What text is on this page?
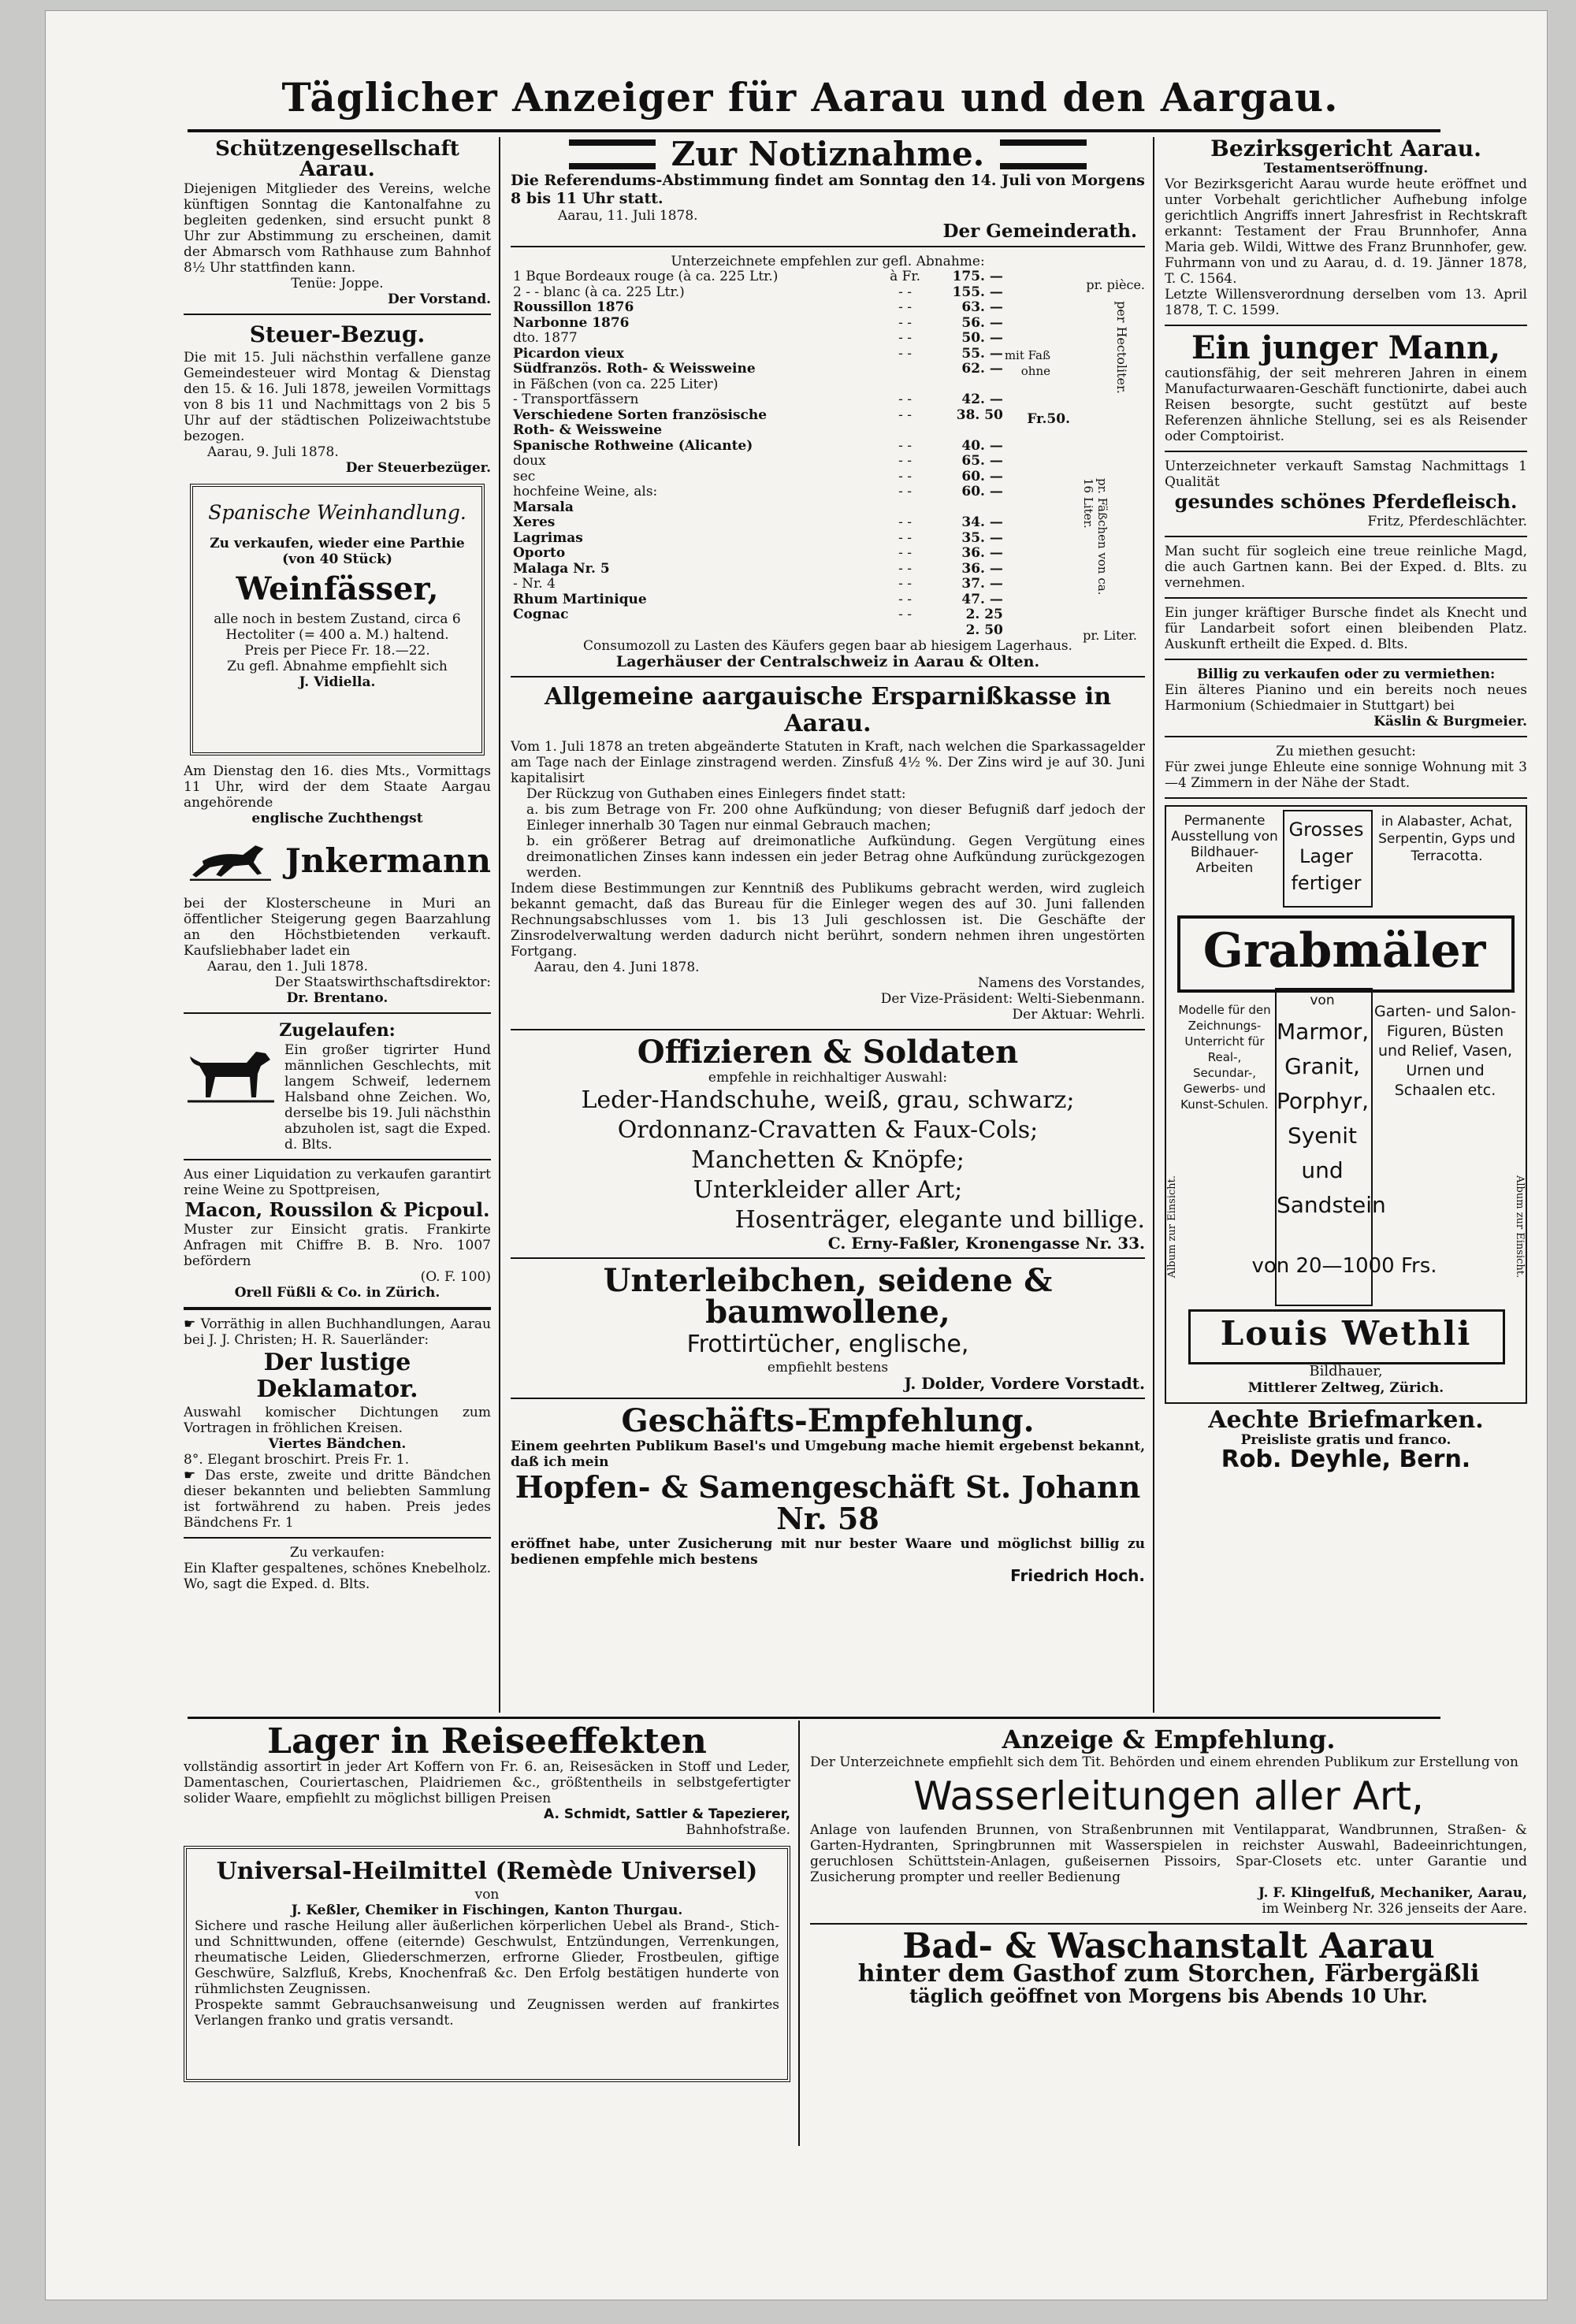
Täglicher Anzeiger für Aarau und den Aargau.
Schützengesellschaft Aarau.

Diejenigen Mitglieder des Vereins, welche künftigen Sonntag die Kantonalfahne zu begleiten gedenken, sind ersucht punkt 8 Uhr zur Abstimmung zu erscheinen, damit der Abmarsch vom Rathhause zum Bahnhof 8½ Uhr stattfinden kann.

Tenüe: Joppe.

Der Vorstand.

Steuer-Bezug.

Die mit 15. Juli nächsthin verfallene ganze Gemeindesteuer wird Montag & Dienstag den 15. & 16. Juli 1878, jeweilen Vormittags von 8 bis 11 und Nachmittags von 2 bis 5 Uhr auf der städtischen Polizeiwachtstube bezogen.

Aarau, 9. Juli 1878.

Der Steuerbezüger.

Spanische Weinhandlung.

Zu verkaufen, wieder eine Parthie (von 40 Stück)

Weinfässer,

alle noch in bestem Zustand, circa 6 Hectoliter (= 400 a. M.) haltend.

Preis per Piece Fr. 18.—22.

Zu gefl. Abnahme empfiehlt sich

J. Vidiella.

Am Dienstag den 16. dies Mts., Vormittags 11 Uhr, wird der dem Staate Aargau angehörende

englische Zuchthengst

Jnkermann

bei der Klosterscheune in Muri an öffentlicher Steigerung gegen Baarzahlung an den Höchstbietenden verkauft. Kaufsliebhaber ladet ein

Aarau, den 1. Juli 1878.

Der Staatswirthschaftsdirektor:

Dr. Brentano.

Zugelaufen:

Ein großer tigrirter Hund männlichen Geschlechts, mit langem Schweif, ledernem Halsband ohne Zeichen. Wo, derselbe bis 19. Juli nächsthin abzuholen ist, sagt die Exped. d. Blts.

Aus einer Liquidation zu verkaufen garantirt reine Weine zu Spottpreisen,

Macon, Roussilon & Picpoul.

Muster zur Einsicht gratis. Frankirte Anfragen mit Chiffre B. B. Nro. 1007 befördern

(O. F. 100)

Orell Füßli & Co. in Zürich.

☛ Vorräthig in allen Buchhandlungen, Aarau bei J. J. Christen; H. R. Sauerländer:

Der lustige Deklamator.

Auswahl komischer Dichtungen zum Vortragen in fröhlichen Kreisen.

Viertes Bändchen.

8°. Elegant broschirt. Preis Fr. 1.

☛ Das erste, zweite und dritte Bändchen dieser bekannten und beliebten Sammlung ist fortwährend zu haben. Preis jedes Bändchens Fr. 1

Zu verkaufen:

Ein Klafter gespaltenes, schönes Knebelholz. Wo, sagt die Exped. d. Blts.

Zur Notiznahme.

Die Referendums-Abstimmung findet am Sonntag den 14. Juli von Morgens 8 bis 11 Uhr statt.

Aarau, 11. Juli 1878.

Der Gemeinderath.

Unterzeichnete empfehlen zur gefl. Abnahme:

1 Bque Bordeaux rouge (à ca. 225 Ltr.)	à Fr.	175. —
2 - - blanc (à ca. 225 Ltr.)	- -	155. —
Roussillon 1876	- -	63. —
Narbonne 1876	- -	56. —
dto. 1877	- -	50. —
Picardon vieux	- -	55. —
Südfranzös. Roth- & Weissweine		62. —
in Fäßchen (von ca. 225 Liter)		
- Transportfässern	- -	42. —
Verschiedene Sorten französische	- -	38. 50
Roth- & Weissweine		
Spanische Rothweine (Alicante)	- -	40. —
doux	- -	65. —
sec	- -	60. —
hochfeine Weine, als:	- -	60. —
Marsala		
Xeres	- -	34. —
Lagrimas	- -	35. —
Oporto	- -	36. —
Malaga Nr. 5	- -	36. —
- Nr. 4	- -	37. —
Rhum Martinique	- -	47. —
Cognac	- -	2. 25
		2. 50
pr. pièce.
mit Faß
ohne
Fr.50.
per Hectoliter.
pr. Fäßchen von ca. 16 Liter.
pr. Liter.

Consumozoll zu Lasten des Käufers gegen baar ab hiesigem Lagerhaus.

Lagerhäuser der Centralschweiz in Aarau & Olten.

Allgemeine aargauische Ersparnißkasse in Aarau.

Vom 1. Juli 1878 an treten abgeänderte Statuten in Kraft, nach welchen die Sparkassagelder am Tage nach der Einlage zinstragend werden. Zinsfuß 4½ %. Der Zins wird je auf 30. Juni kapitalisirt

Der Rückzug von Guthaben eines Einlegers findet statt:

a. bis zum Betrage von Fr. 200 ohne Aufkündung; von dieser Befugniß darf jedoch der Einleger innerhalb 30 Tagen nur einmal Gebrauch machen;

b. ein größerer Betrag auf dreimonatliche Aufkündung. Gegen Vergütung eines dreimonatlichen Zinses kann indessen ein jeder Betrag ohne Aufkündung zurückgezogen werden.

Indem diese Bestimmungen zur Kenntniß des Publikums gebracht werden, wird zugleich bekannt gemacht, daß das Bureau für die Einleger wegen des auf 30. Juni fallenden Rechnungsabschlusses vom 1. bis 13 Juli geschlossen ist. Die Geschäfte der Zinsrodelverwaltung werden dadurch nicht berührt, sondern nehmen ihren ungestörten Fortgang.

Aarau, den 4. Juni 1878.

Namens des Vorstandes,

Der Vize-Präsident: Welti-Siebenmann.

Der Aktuar: Wehrli.

Offizieren & Soldaten

empfehle in reichhaltiger Auswahl:

Leder-Handschuhe, weiß, grau, schwarz;

Ordonnanz-Cravatten & Faux-Cols;

Manchetten & Knöpfe;

Unterkleider aller Art;

Hosenträger, elegante und billige.

C. Erny-Faßler, Kronengasse Nr. 33.

Unterleibchen, seidene & baumwollene,

Frottirtücher, englische,

empfiehlt bestens

J. Dolder, Vordere Vorstadt.

Geschäfts-Empfehlung.

Einem geehrten Publikum Basel's und Umgebung mache hiemit ergebenst bekannt, daß ich mein

Hopfen- & Samengeschäft St. Johann Nr. 58

eröffnet habe, unter Zusicherung mit nur bester Waare und möglichst billig zu bedienen empfehle mich bestens

Friedrich Hoch.

Bezirksgericht Aarau.

Testamentseröffnung.

Vor Bezirksgericht Aarau wurde heute eröffnet und unter Vorbehalt gerichtlicher Aufhebung infolge gerichtlich Angriffs innert Jahresfrist in Rechtskraft erkannt: Testament der Frau Brunnhofer, Anna Maria geb. Wildi, Wittwe des Franz Brunnhofer, gew. Fuhrmann von und zu Aarau, d. d. 19. Jänner 1878, T. C. 1564.

Letzte Willensverordnung derselben vom 13. April 1878, T. C. 1599.

Ein junger Mann,

cautionsfähig, der seit mehreren Jahren in einem Manufacturwaaren-Geschäft functionirte, dabei auch Reisen besorgte, sucht gestützt auf beste Referenzen ähnliche Stellung, sei es als Reisender oder Comptoirist.

Unterzeichneter verkauft Samstag Nachmittags 1 Qualität

gesundes schönes Pferdefleisch.

Fritz, Pferdeschlächter.

Man sucht für sogleich eine treue reinliche Magd, die auch Gartnen kann. Bei der Exped. d. Blts. zu vernehmen.

Ein junger kräftiger Bursche findet als Knecht und für Landarbeit sofort einen bleibenden Platz. Auskunft ertheilt die Exped. d. Blts.

Billig zu verkaufen oder zu vermiethen:

Ein älteres Pianino und ein bereits noch neues Harmonium (Schiedmaier in Stuttgart) bei

Käslin & Burgmeier.

Zu miethen gesucht:

Für zwei junge Ehleute eine sonnige Wohnung mit 3—4 Zimmern in der Nähe der Stadt.

Permanente Ausstellung von Bildhauer-Arbeiten
Grosses Lager fertiger
in Alabaster, Achat, Serpentin, Gyps und Terracotta.
Grabmäler
Modelle für den Zeichnungs-Unterricht für Real-, Secundar-, Gewerbs- und Kunst-Schulen.
von
Marmor, Granit, Porphyr, Syenit und Sandstein
Garten- und Salon-Figuren, Büsten und Relief, Vasen, Urnen und Schaalen etc.
von 20—1000 Frs.
Louis Wethli
Bildhauer,
Mittlerer Zeltweg, Zürich.
Album zur Einsicht.	Album zur Einsicht.
Aechte Briefmarken.

Preisliste gratis und franco.

Rob. Deyhle, Bern.
Lager in Reiseeffekten

vollständig assortirt in jeder Art Koffern von Fr. 6. an, Reisesäcken in Stoff und Leder, Damentaschen, Couriertaschen, Plaidriemen &c., größtentheils in selbstgefertigter solider Waare, empfiehlt zu möglichst billigen Preisen

A. Schmidt, Sattler & Tapezierer,

Bahnhofstraße.

Universal-Heilmittel (Remède Universel)

von

J. Keßler, Chemiker in Fischingen, Kanton Thurgau.

Sichere und rasche Heilung aller äußerlichen körperlichen Uebel als Brand-, Stich- und Schnittwunden, offene (eiternde) Geschwulst, Entzündungen, Verrenkungen, rheumatische Leiden, Gliederschmerzen, erfrorne Glieder, Frostbeulen, giftige Geschwüre, Salzfluß, Krebs, Knochenfraß &c. Den Erfolg bestätigen hunderte von rühmlichsten Zeugnissen.

Prospekte sammt Gebrauchsanweisung und Zeugnissen werden auf frankirtes Verlangen franko und gratis versandt.

Anzeige & Empfehlung.

Der Unterzeichnete empfiehlt sich dem Tit. Behörden und einem ehrenden Publikum zur Erstellung von

Wasserleitungen aller Art,

Anlage von laufenden Brunnen, von Straßenbrunnen mit Ventilapparat, Wandbrunnen, Straßen- & Garten-Hydranten, Springbrunnen mit Wasserspielen in reichster Auswahl, Badeeinrichtungen, geruchlosen Schüttstein-Anlagen, gußeisernen Pissoirs, Spar-Closets etc. unter Garantie und Zusicherung prompter und reeller Bedienung

J. F. Klingelfuß, Mechaniker, Aarau,

im Weinberg Nr. 326 jenseits der Aare.

Bad- & Waschanstalt Aarau
hinter dem Gasthof zum Storchen, Färbergäßli
täglich geöffnet von Morgens bis Abends 10 Uhr.
